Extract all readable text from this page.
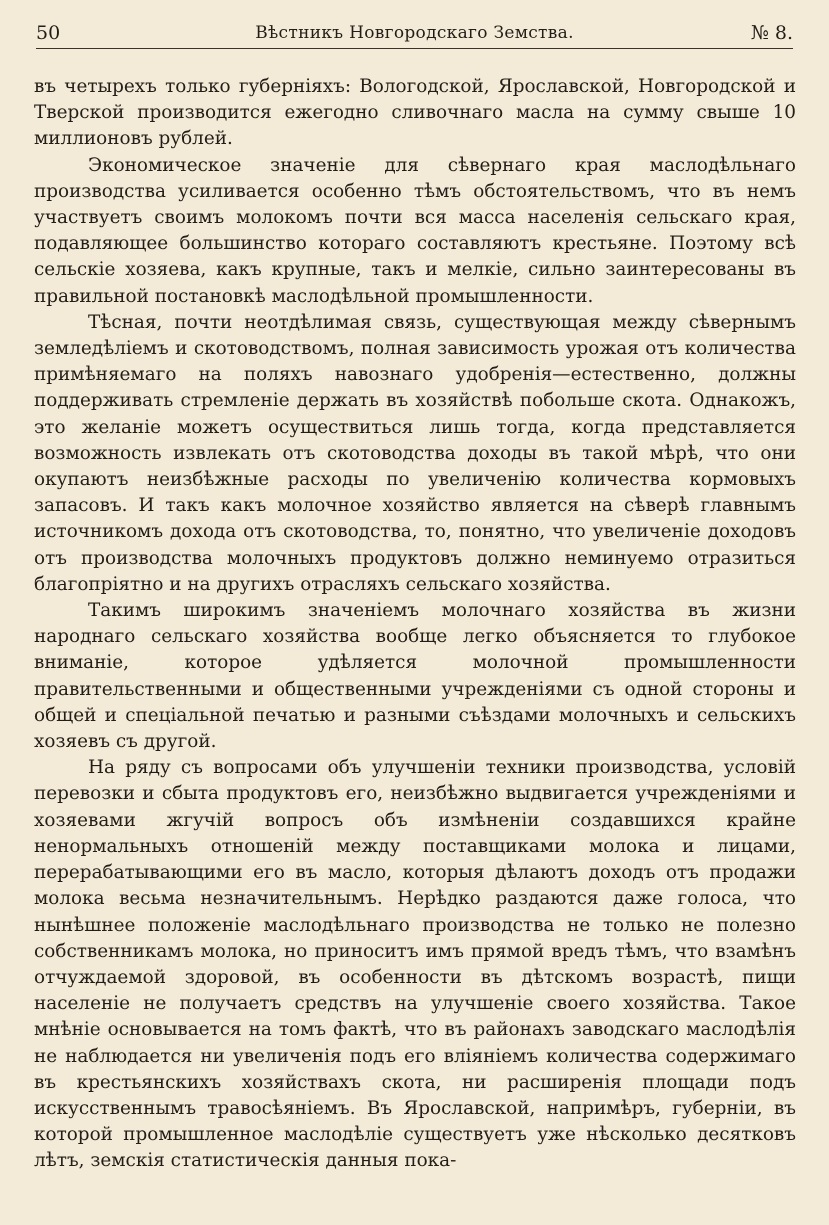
50	Вѣстникъ Новгородскаго Земства.	№ 8.

въ четырехъ только губерніяхъ: Вологодской, Ярославской, Новгородской и Тверской производится ежегодно сливочнаго масла на сумму свыше 10 миллионовъ рублей.

Экономическое значеніе для сѣвернаго края маслодѣльнаго производства усиливается особенно тѣмъ обстоятельствомъ, что въ немъ участвуетъ своимъ молокомъ почти вся масса населенія сельскаго края, подавляющее большинство котораго составляютъ крестьяне. Поэтому всѣ сельскіе хозяева, какъ крупные, такъ и мелкіе, сильно заинтересованы въ правильной постановкѣ маслодѣльной промышленности.

Тѣсная, почти неотдѣлимая связь, существующая между сѣвернымъ земледѣліемъ и скотоводствомъ, полная зависимость урожая отъ количества примѣняемаго на поляхъ навознаго удобренія—естественно, должны поддерживать стремленіе держать въ хозяйствѣ побольше скота. Однакожъ, это желаніе можетъ осуществиться лишь тогда, когда представляется возможность извлекать отъ скотоводства доходы въ такой мѣрѣ, что они окупаютъ неизбѣжные расходы по увеличенію количества кормовыхъ запасовъ. И такъ какъ молочное хозяйство является на сѣверѣ главнымъ источникомъ дохода отъ скотоводства, то, понятно, что увеличеніе доходовъ отъ производства молочныхъ продуктовъ должно неминуемо отразиться благопріятно и на другихъ отрасляхъ сельскаго хозяйства.

Такимъ широкимъ значеніемъ молочнаго хозяйства въ жизни народнаго сельскаго хозяйства вообще легко объясняется то глубокое вниманіе, которое удѣляется молочной промышленности правительственными и общественными учрежденіями съ одной стороны и общей и спеціальной печатью и разными съѣздами молочныхъ и сельскихъ хозяевъ съ другой.

На ряду съ вопросами объ улучшеніи техники производства, условій перевозки и сбыта продуктовъ его, неизбѣжно выдвигается учрежденіями и хозяевами жгучій вопросъ объ измѣненіи создавшихся крайне ненормальныхъ отношеній между поставщиками молока и лицами, перерабатывающими его въ масло, которыя дѣлаютъ доходъ отъ продажи молока весьма незначительнымъ. Нерѣдко раздаются даже голоса, что нынѣшнее положеніе маслодѣльнаго производства не только не полезно собственникамъ молока, но приноситъ имъ прямой вредъ тѣмъ, что взамѣнъ отчуждаемой здоровой, въ особенности въ дѣтскомъ возрастѣ, пищи населеніе не получаетъ средствъ на улучшеніе своего хозяйства. Такое мнѣніе основывается на томъ фактѣ, что въ районахъ заводскаго маслодѣлія не наблюдается ни увеличенія подъ его вліяніемъ количества содержимаго въ крестьянскихъ хозяйствахъ скота, ни расширенія площади подъ искусственнымъ травосѣяніемъ. Въ Ярославской, напримѣръ, губерніи, въ которой промышленное маслодѣліе существуетъ уже нѣсколько десятковъ лѣтъ, земскія статистическія данныя пока-
